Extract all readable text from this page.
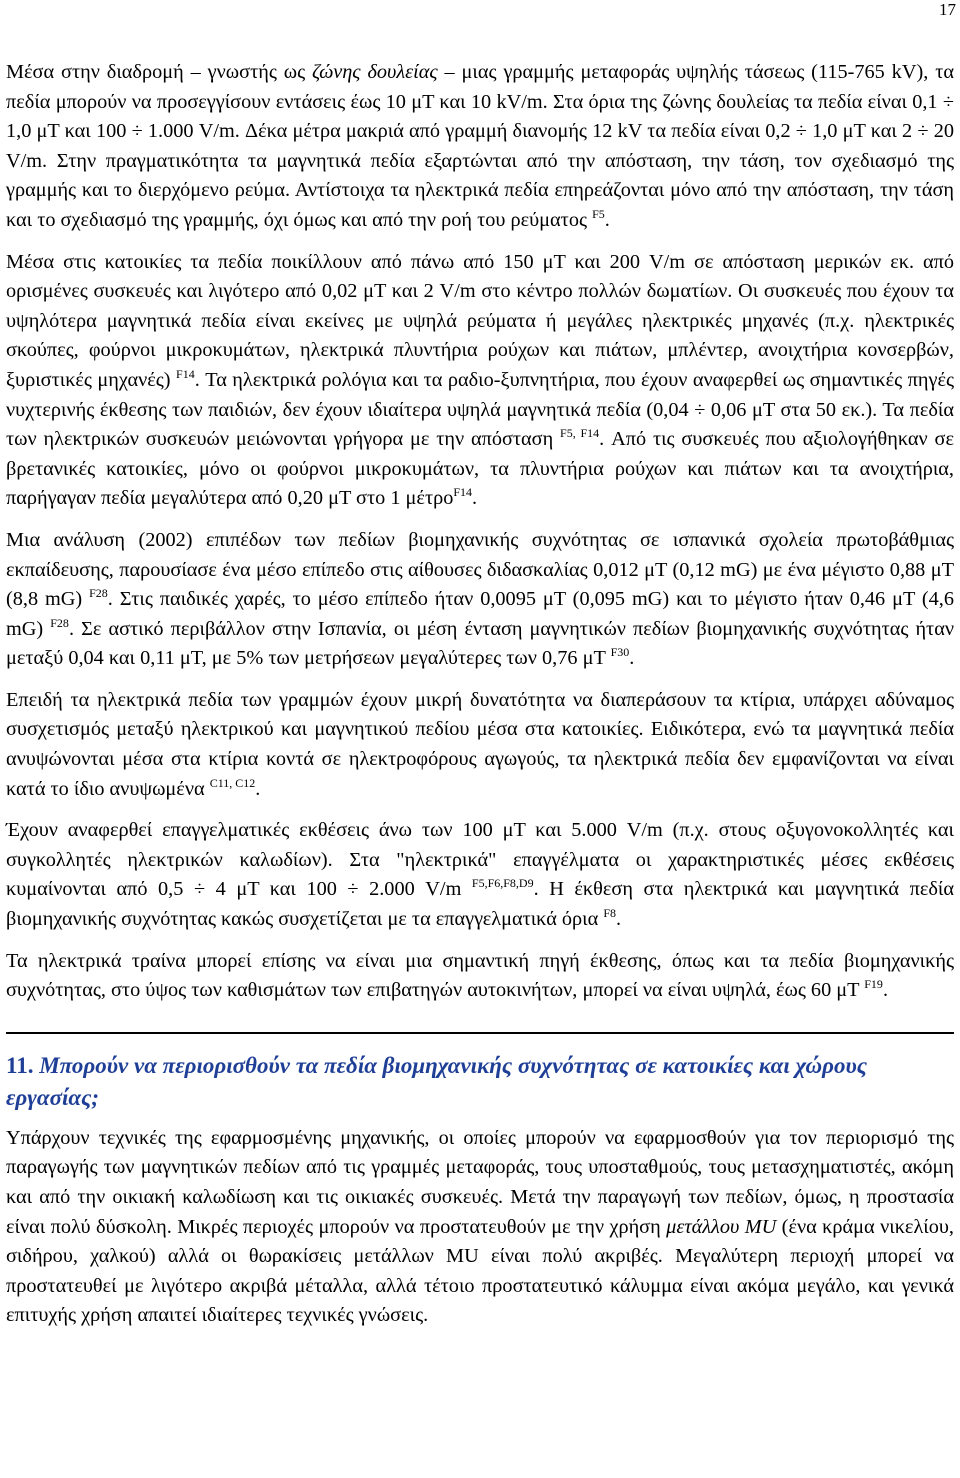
17

Μέσα στην διαδρομή – γνωστής ως ζώνης δουλείας – μιας γραμμής μεταφοράς υψηλής τάσεως (115-765 kV), τα πεδία μπορούν να προσεγγίσουν εντάσεις έως 10 μT και 10 kV/m. Στα όρια της ζώνης δουλείας τα πεδία είναι 0,1 ÷ 1,0 μT και 100 ÷ 1.000 V/m. Δέκα μέτρα μακριά από γραμμή διανομής 12 kV τα πεδία είναι 0,2 ÷ 1,0 μT και 2 ÷ 20 V/m. Στην πραγματικότητα τα μαγνητικά πεδία εξαρτώνται από την απόσταση, την τάση, τον σχεδιασμό της γραμμής και το διερχόμενο ρεύμα. Αντίστοιχα τα ηλεκτρικά πεδία επηρεάζονται μόνο από την απόσταση, την τάση και το σχεδιασμό της γραμμής, όχι όμως και από την ροή του ρεύματος $^{F5}$.

Μέσα στις κατοικίες τα πεδία ποικίλλουν από πάνω από 150 μT και 200 V/m σε απόσταση μερικών εκ. από ορισμένες συσκευές και λιγότερο από 0,02 μT και 2 V/m στο κέντρο πολλών δωματίων. Οι συσκευές που έχουν τα υψηλότερα μαγνητικά πεδία είναι εκείνες με υψηλά ρεύματα ή μεγάλες ηλεκτρικές μηχανές (π.χ. ηλεκτρικές σκούπες, φούρνοι μικροκυμάτων, ηλεκτρικά πλυντήρια ρούχων και πιάτων, μπλέντερ, ανοιχτήρια κονσερβών, ξυριστικές μηχανές) $^{F14}$. Τα ηλεκτρικά ρολόγια και τα ραδιο-ξυπνητήρια, που έχουν αναφερθεί ως σημαντικές πηγές νυχτερινής έκθεσης των παιδιών, δεν έχουν ιδιαίτερα υψηλά μαγνητικά πεδία (0,04 ÷ 0,06 μT στα 50 εκ.). Τα πεδία των ηλεκτρικών συσκευών μειώνονται γρήγορα με την απόσταση $^{F5, F14}$. Από τις συσκευές που αξιολογήθηκαν σε βρετανικές κατοικίες, μόνο οι φούρνοι μικροκυμάτων, τα πλυντήρια ρούχων και πιάτων και τα ανοιχτήρια, παρήγαγαν πεδία μεγαλύτερα από 0,20 μT στο 1 μέτρο$^{F14}$.

Μια ανάλυση (2002) επιπέδων των πεδίων βιομηχανικής συχνότητας σε ισπανικά σχολεία πρωτοβάθμιας εκπαίδευσης, παρουσίασε ένα μέσο επίπεδο στις αίθουσες διδασκαλίας 0,012 μT (0,12 mG) με ένα μέγιστο 0,88 μT (8,8 mG) $^{F28}$. Στις παιδικές χαρές, το μέσο επίπεδο ήταν 0,0095 μT (0,095 mG) και το μέγιστο ήταν 0,46 μT (4,6 mG) $^{F28}$. Σε αστικό περιβάλλον στην Ισπανία, οι μέση ένταση μαγνητικών πεδίων βιομηχανικής συχνότητας ήταν μεταξύ 0,04 και 0,11 μT, με 5% των μετρήσεων μεγαλύτερες των 0,76 μT $^{F30}$.

Επειδή τα ηλεκτρικά πεδία των γραμμών έχουν μικρή δυνατότητα να διαπεράσουν τα κτίρια, υπάρχει αδύναμος συσχετισμός μεταξύ ηλεκτρικού και μαγνητικού πεδίου μέσα στα κατοικίες. Ειδικότερα, ενώ τα μαγνητικά πεδία ανυψώνονται μέσα στα κτίρια κοντά σε ηλεκτροφόρους αγωγούς, τα ηλεκτρικά πεδία δεν εμφανίζονται να είναι κατά το ίδιο ανυψωμένα $^{C11, C12}$.

Έχουν αναφερθεί επαγγελματικές εκθέσεις άνω των 100 μT και 5.000 V/m (π.χ. στους οξυγονοκολλητές και συγκολλητές ηλεκτρικών καλωδίων). Στα "ηλεκτρικά" επαγγέλματα οι χαρακτηριστικές μέσες εκθέσεις κυμαίνονται από 0,5 ÷ 4 μT και 100 ÷ 2.000 V/m $^{F5,F6,F8,D9}$. Η έκθεση στα ηλεκτρικά και μαγνητικά πεδία βιομηχανικής συχνότητας κακώς συσχετίζεται με τα επαγγελματικά όρια $^{F8}$.

Τα ηλεκτρικά τραίνα μπορεί επίσης να είναι μια σημαντική πηγή έκθεσης, όπως και τα πεδία βιομηχανικής συχνότητας, στο ύψος των καθισμάτων των επιβατηγών αυτοκινήτων, μπορεί να είναι υψηλά, έως 60 μT $^{F19}$.

11. Μπορούν να περιορισθούν τα πεδία βιομηχανικής συχνότητας σε κατοικίες και χώρους εργασίας;

Υπάρχουν τεχνικές της εφαρμοσμένης μηχανικής, οι οποίες μπορούν να εφαρμοσθούν για τον περιορισμό της παραγωγής των μαγνητικών πεδίων από τις γραμμές μεταφοράς, τους υποσταθμούς, τους μετασχηματιστές, ακόμη και από την οικιακή καλωδίωση και τις οικιακές συσκευές. Μετά την παραγωγή των πεδίων, όμως, η προστασία είναι πολύ δύσκολη. Μικρές περιοχές μπορούν να προστατευθούν με την χρήση μετάλλου MU (ένα κράμα νικελίου, σιδήρου, χαλκού) αλλά οι θωρακίσεις μετάλλων MU είναι πολύ ακριβές. Μεγαλύτερη περιοχή μπορεί να προστατευθεί με λιγότερο ακριβά μέταλλα, αλλά τέτοιο προστατευτικό κάλυμμα είναι ακόμα μεγάλο, και γενικά επιτυχής χρήση απαιτεί ιδιαίτερες τεχνικές γνώσεις.
